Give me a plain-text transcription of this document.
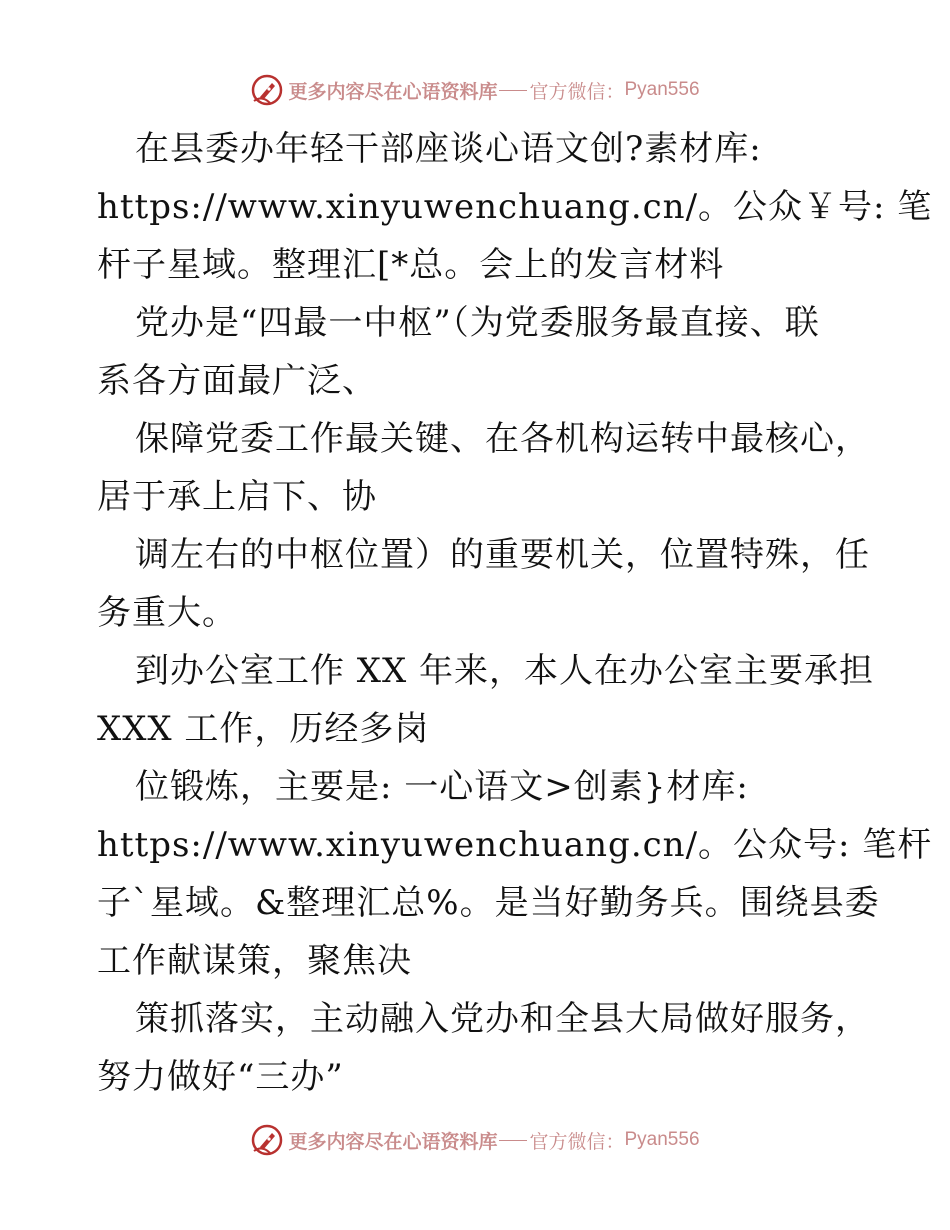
更多内容尽在心语资料库 官方微信： Pyan556
在县委办年轻干部座谈心语文创?素材库:
https://www.xinyuwenchuang.cn/。公众￥号: 笔
杆子星域。整理汇[*总。会上的发言材料
党办是“四最一中枢”（为党委服务最直接、联
系各方面最广泛、
保障党委工作最关键、在各机构运转中最核心，
居于承上启下、协
调左右的中枢位置）的重要机关，位置特殊，任
务重大。
到办公室工作 XX 年来，本人在办公室主要承担
XXX 工作，历经多岗
位锻炼，主要是: 一心语文>创素}材库:
https://www.xinyuwenchuang.cn/。公众号: 笔杆
子`星域。&整理汇总%。是当好勤务兵。围绕县委
工作献谋策，聚焦决
策抓落实，主动融入党办和全县大局做好服务，
努力做好“三办”
更多内容尽在心语资料库 官方微信： Pyan556
